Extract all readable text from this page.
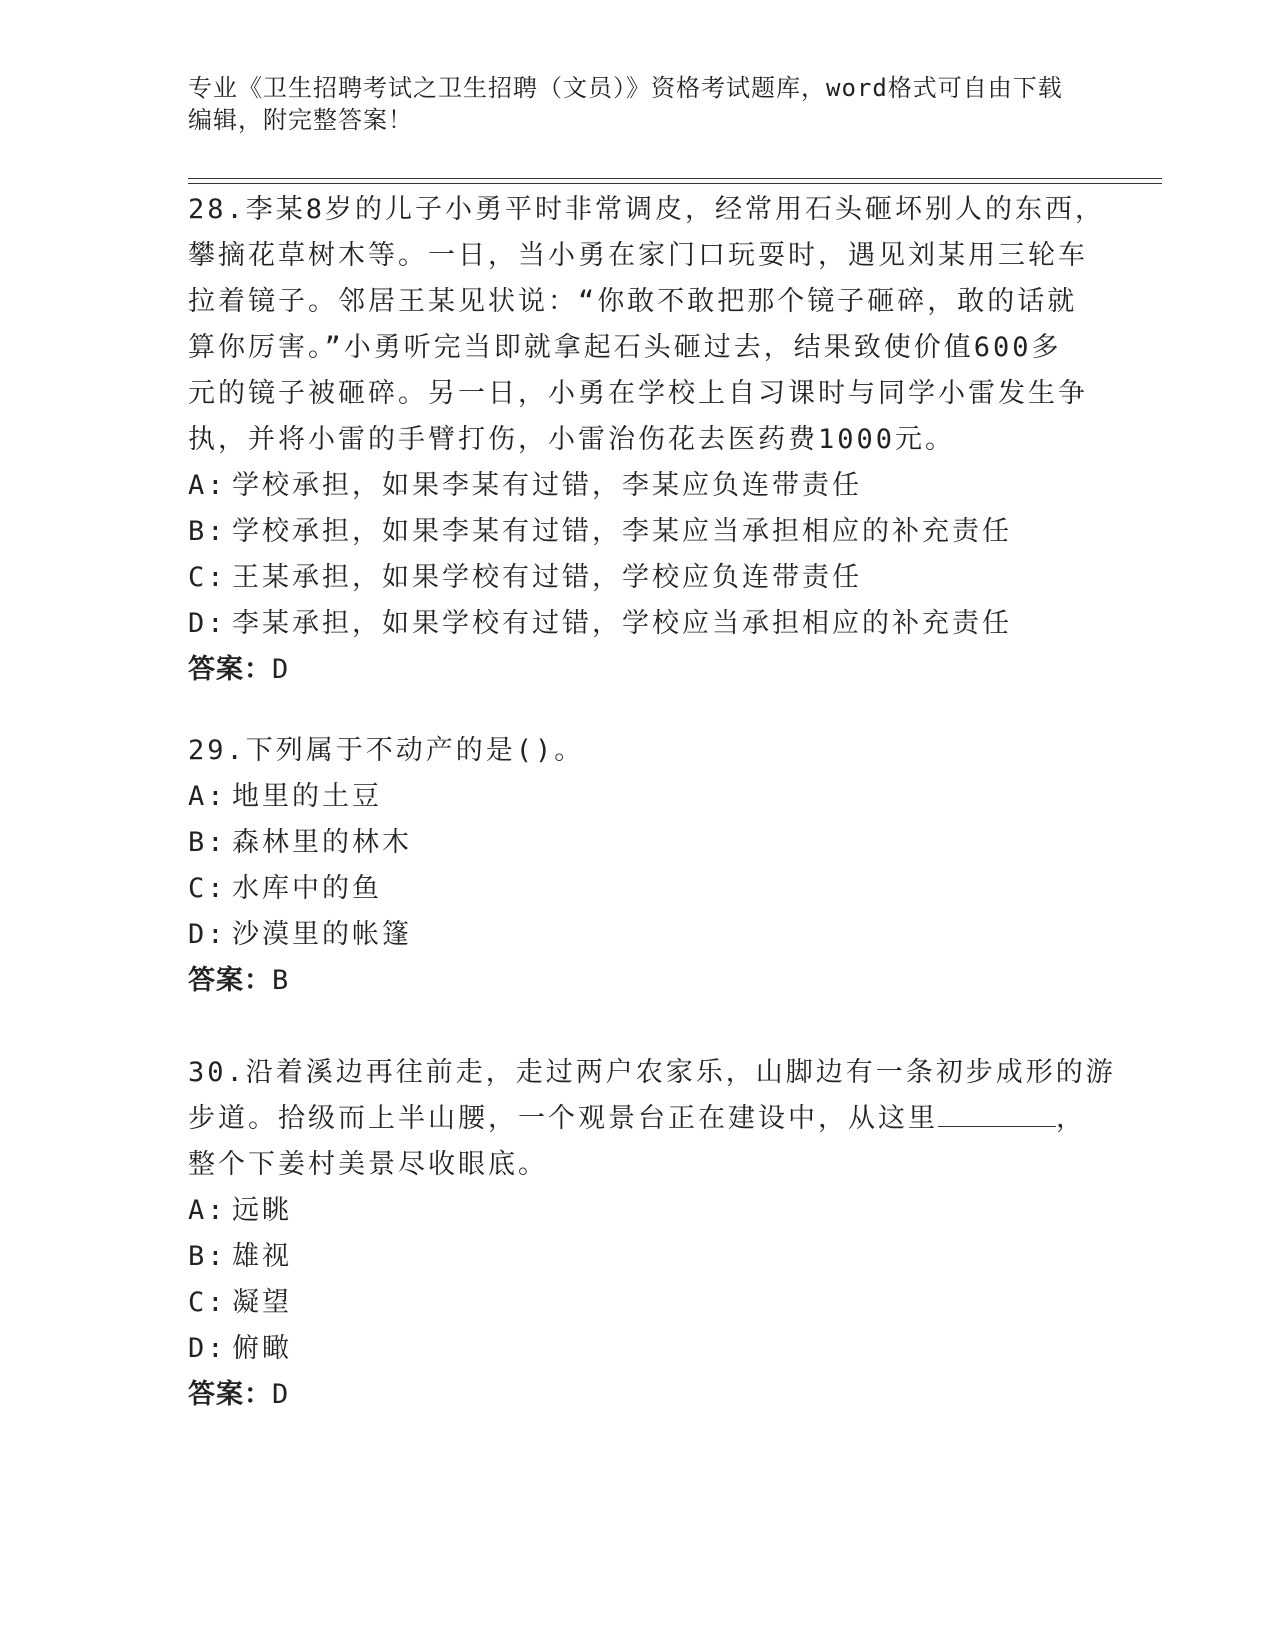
专业《卫生招聘考试之卫生招聘（文员）》资格考试题库，word格式可自由下载

编辑，附完整答案！

28.李某8岁的儿子小勇平时非常调皮，经常用石头砸坏别人的东西，

攀摘花草树木等。一日，当小勇在家门口玩耍时，遇见刘某用三轮车

拉着镜子。邻居王某见状说：“你敢不敢把那个镜子砸碎，敢的话就

算你厉害。”小勇听完当即就拿起石头砸过去，结果致使价值600多

元的镜子被砸碎。另一日，小勇在学校上自习课时与同学小雷发生争

执，并将小雷的手臂打伤，小雷治伤花去医药费1000元。

A: 学校承担，如果李某有过错，李某应负连带责任

B: 学校承担，如果李某有过错，李某应当承担相应的补充责任

C: 王某承担，如果学校有过错，学校应负连带责任

D: 李某承担，如果学校有过错，学校应当承担相应的补充责任

答案：D

29.下列属于不动产的是()。

A: 地里的土豆

B: 森林里的林木

C: 水库中的鱼

D: 沙漠里的帐篷

答案：B

30.沿着溪边再往前走，走过两户农家乐，山脚边有一条初步成形的游

步道。拾级而上半山腰，一个观景台正在建设中，从这里	，

整个下姜村美景尽收眼底。

A: 远眺

B: 雄视

C: 凝望

D: 俯瞰

答案：D
